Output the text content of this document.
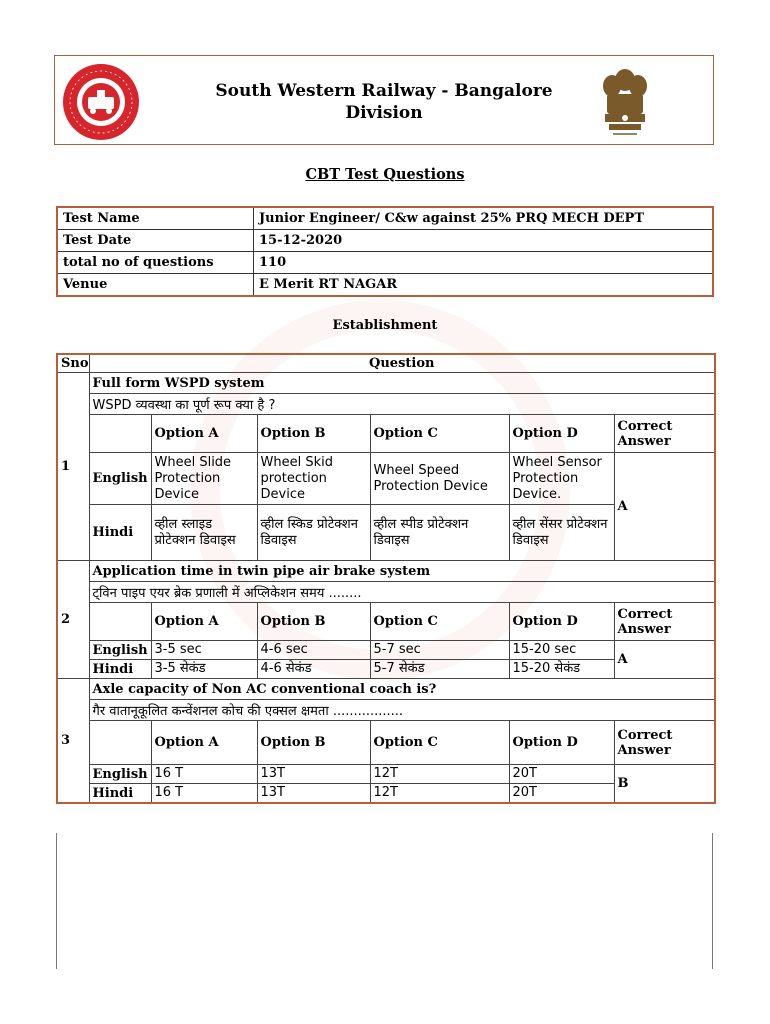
South Western Railway - Bangalore
Division
CBT Test Questions
Test Name	Junior Engineer/ C&w against 25% PRQ MECH DEPT
Test Date	15-12-2020
total no of questions	110
Venue	E Merit RT NAGAR
Establishment
Sno	Question					
1	Full form WSPD system					
	WSPD व्यवस्था का पूर्ण रूप क्या है ?					
		Option A	Option B	Option C	Option D	Correct Answer
	English	Wheel Slide Protection Device	Wheel Skid protection Device	Wheel Speed Protection Device	Wheel Sensor Protection Device.	A
	Hindi	व्हील स्लाइड प्रोटेक्शन डिवाइस	व्हील स्किड प्रोटेक्शन डिवाइस	व्हील स्पीड प्रोटेक्शन डिवाइस	व्हील सेंसर प्रोटेक्शन डिवाइस	
2	Application time in twin pipe air brake system					
	ट्विन पाइप एयर ब्रेक प्रणाली में अप्लिकेशन समय ........					
		Option A	Option B	Option C	Option D	Correct Answer
	English	3-5 sec	4-6 sec	5-7 sec	15-20 sec	A
	Hindi	3-5 सेकंड	4-6 सेकंड	5-7 सेकंड	15-20 सेकंड	
3	Axle capacity of Non AC conventional coach is?					
	गैर वातानूकूलित कन्वेंशनल कोच की एक्सल क्षमता .................					
		Option A	Option B	Option C	Option D	Correct Answer
	English	16 T	13T	12T	20T	B
	Hindi	16 T	13T	12T	20T	
